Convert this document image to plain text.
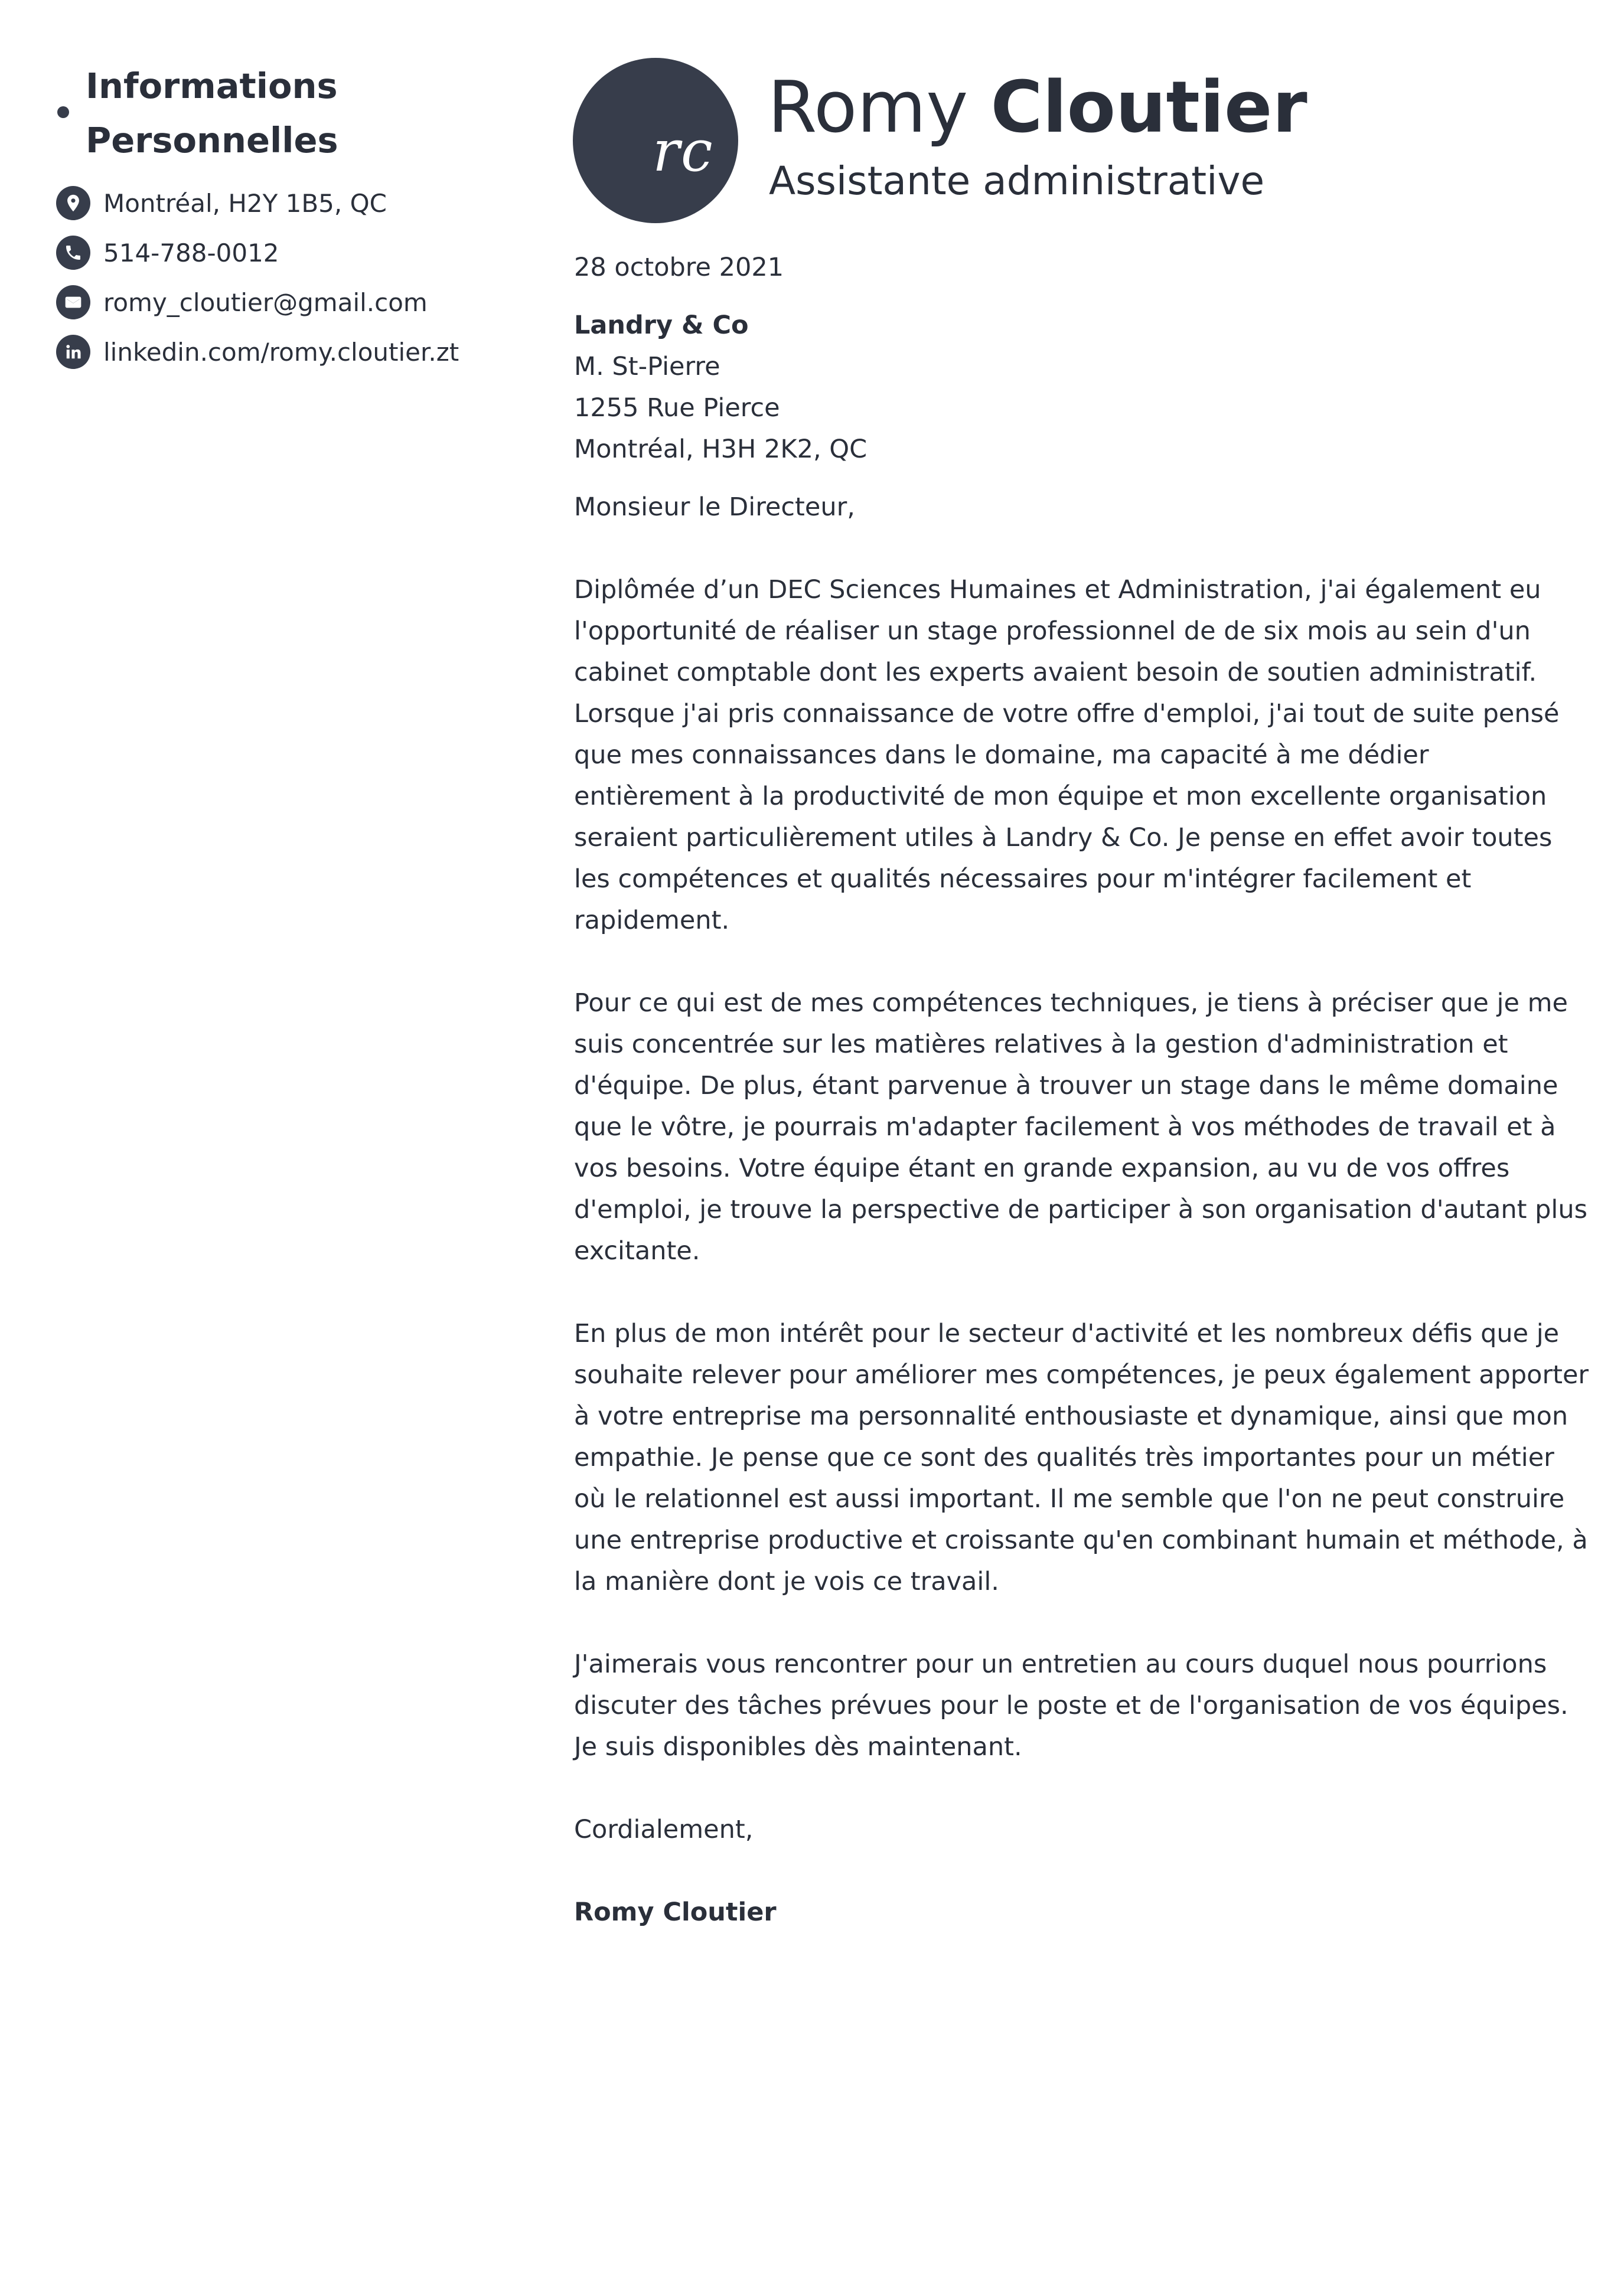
Informations Personnelles
Montréal, H2Y 1B5, QC
514-788-0012
romy_cloutier@gmail.com
linkedin.com/romy.cloutier.zt
rc
Romy Cloutier
Assistante administrative

28 octobre 2021

Landry & Co

M. St-Pierre

1255 Rue Pierce

Montréal, H3H 2K2, QC

Monsieur le Directeur,

Diplômée d’un DEC Sciences Humaines et Administration, j'ai également eu l'opportunité de réaliser un stage professionnel de de six mois au sein d'un cabinet comptable dont les experts avaient besoin de soutien administratif. Lorsque j'ai pris connaissance de votre offre d'emploi, j'ai tout de suite pensé que mes connaissances dans le domaine, ma capacité à me dédier entièrement à la productivité de mon équipe et mon excellente organisation seraient particulièrement utiles à Landry & Co. Je pense en effet avoir toutes les compétences et qualités nécessaires pour m'intégrer facilement et rapidement.

Pour ce qui est de mes compétences techniques, je tiens à préciser que je me suis concentrée sur les matières relatives à la gestion d'administration et d'équipe. De plus, étant parvenue à trouver un stage dans le même domaine que le vôtre, je pourrais m'adapter facilement à vos méthodes de travail et à vos besoins. Votre équipe étant en grande expansion, au vu de vos offres d'emploi, je trouve la perspective de participer à son organisation d'autant plus excitante.

En plus de mon intérêt pour le secteur d'activité et les nombreux défis que je souhaite relever pour améliorer mes compétences, je peux également apporter à votre entreprise ma personnalité enthousiaste et dynamique, ainsi que mon empathie. Je pense que ce sont des qualités très importantes pour un métier où le relationnel est aussi important. Il me semble que l'on ne peut construire une entreprise productive et croissante qu'en combinant humain et méthode, à la manière dont je vois ce travail.

J'aimerais vous rencontrer pour un entretien au cours duquel nous pourrions discuter des tâches prévues pour le poste et de l'organisation de vos équipes. Je suis disponibles dès maintenant.

Cordialement,

Romy Cloutier
